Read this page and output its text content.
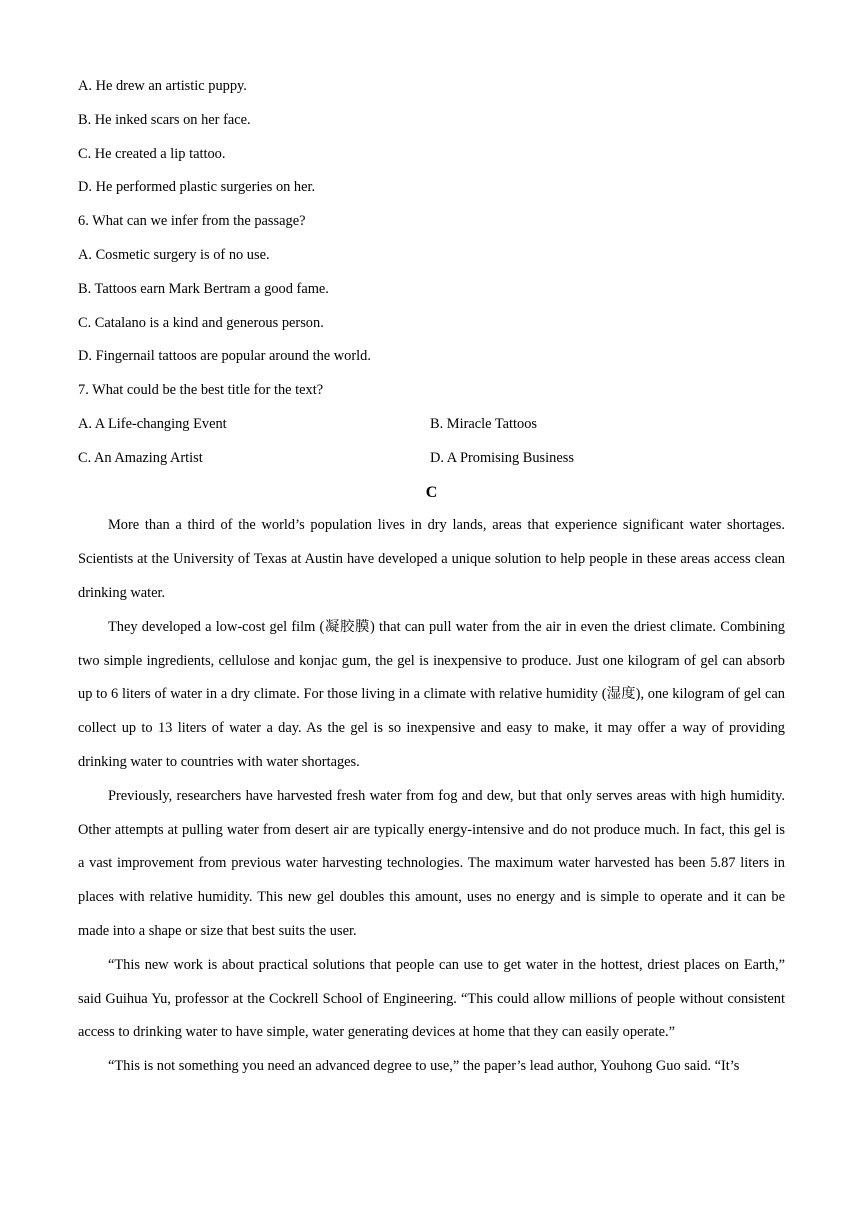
A. He drew an artistic puppy.
B. He inked scars on her face.
C. He created a lip tattoo.
D. He performed plastic surgeries on her.
6. What can we infer from the passage?
A. Cosmetic surgery is of no use.
B. Tattoos earn Mark Bertram a good fame.
C. Catalano is a kind and generous person.
D. Fingernail tattoos are popular around the world.
7. What could be the best title for the text?
A. A Life-changing Event	B. Miracle Tattoos
C. An Amazing Artist	D. A Promising Business
C

More than a third of the world’s population lives in dry lands, areas that experience significant water shortages. Scientists at the University of Texas at Austin have developed a unique solution to help people in these areas access clean drinking water.

They developed a low-cost gel film (凝胶膜) that can pull water from the air in even the driest climate. Combining two simple ingredients, cellulose and konjac gum, the gel is inexpensive to produce. Just one kilogram of gel can absorb up to 6 liters of water in a dry climate. For those living in a climate with relative humidity (湿度), one kilogram of gel can collect up to 13 liters of water a day. As the gel is so inexpensive and easy to make, it may offer a way of providing drinking water to countries with water shortages.

Previously, researchers have harvested fresh water from fog and dew, but that only serves areas with high humidity. Other attempts at pulling water from desert air are typically energy-intensive and do not produce much. In fact, this gel is a vast improvement from previous water harvesting technologies. The maximum water harvested has been 5.87 liters in places with relative humidity. This new gel doubles this amount, uses no energy and is simple to operate and it can be made into a shape or size that best suits the user.

“This new work is about practical solutions that people can use to get water in the hottest, driest places on Earth,” said Guihua Yu, professor at the Cockrell School of Engineering. “This could allow millions of people without consistent access to drinking water to have simple, water generating devices at home that they can easily operate.”

“This is not something you need an advanced degree to use,” the paper’s lead author, Youhong Guo said. “It’s
